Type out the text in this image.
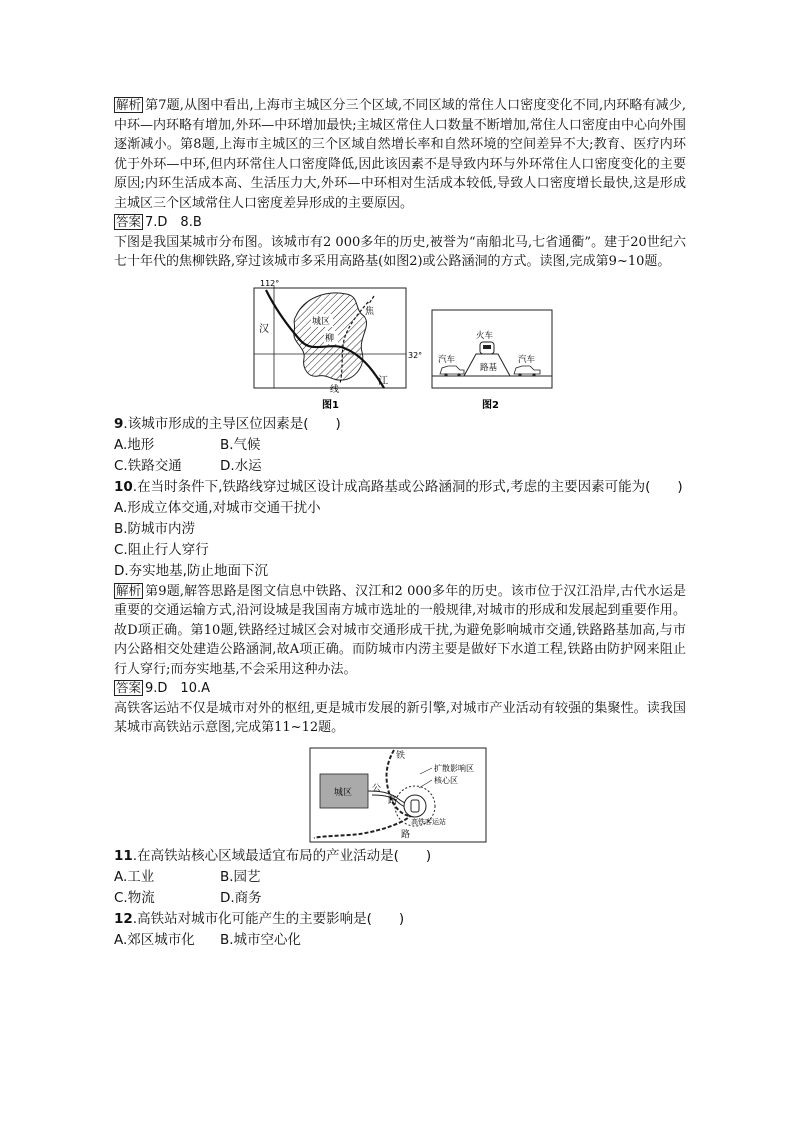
解析 第7题,从图中看出,上海市主城区分三个区域,不同区域的常住人口密度变化不同,内环略有减少,中环—内环略有增加,外环—中环增加最快;主城区常住人口数量不断增加,常住人口密度由中心向外围逐渐减小。第8题,上海市主城区的三个区域自然增长率和自然环境的空间差异不大;教育、医疗内环优于外环—中环,但内环常住人口密度降低,因此该因素不是导致内环与外环常住人口密度变化的主要原因;内环生活成本高、生活压力大,外环—中环相对生活成本较低,导致人口密度增长最快,这是形成主城区三个区域常住人口密度差异形成的主要原因。

答案 7.D　8.B

下图是我国某城市分布图。该城市有2 000多年的历史,被誉为“南船北马,七省通衢”。建于20世纪六七十年代的焦柳铁路,穿过该城市多采用高路基(如图2)或公路涵洞的方式。读图,完成第9~10题。

112°
32°
城区
焦
柳
线
汉
江
图1
火车
汽车	汽车
路基
图2

9.该城市形成的主导区位因素是(　　)

A.地形	B.气候

C.铁路交通	D.水运

10.在当时条件下,铁路线穿过城区设计成高路基或公路涵洞的形式,考虑的主要因素可能为(　　)

A.形成立体交通,对城市交通干扰小

B.防城市内涝

C.阻止行人穿行

D.夯实地基,防止地面下沉

解析 第9题,解答思路是图文信息中铁路、汉江和2 000多年的历史。该市位于汉江沿岸,古代水运是重要的交通运输方式,沿河设城是我国南方城市选址的一般规律,对城市的形成和发展起到重要作用。故D项正确。第10题,铁路经过城区会对城市交通形成干扰,为避免影响城市交通,铁路路基加高,与市内公路相交处建造公路涵洞,故A项正确。而防城市内涝主要是做好下水道工程,铁路由防护网来阻止行人穿行;而夯实地基,不会采用这种办法。

答案 9.D　10.A

高铁客运站不仅是城市对外的枢纽,更是城市发展的新引擎,对城市产业活动有较强的集聚性。读我国某城市高铁站示意图,完成第11~12题。

城区
铁
路
公
路
扩散影响区
核心区
高铁客运站

11.在高铁站核心区域最适宜布局的产业活动是(　　)

A.工业	B.园艺

C.物流	D.商务

12.高铁站对城市化可能产生的主要影响是(　　)

A.郊区城市化 B.城市空心化
